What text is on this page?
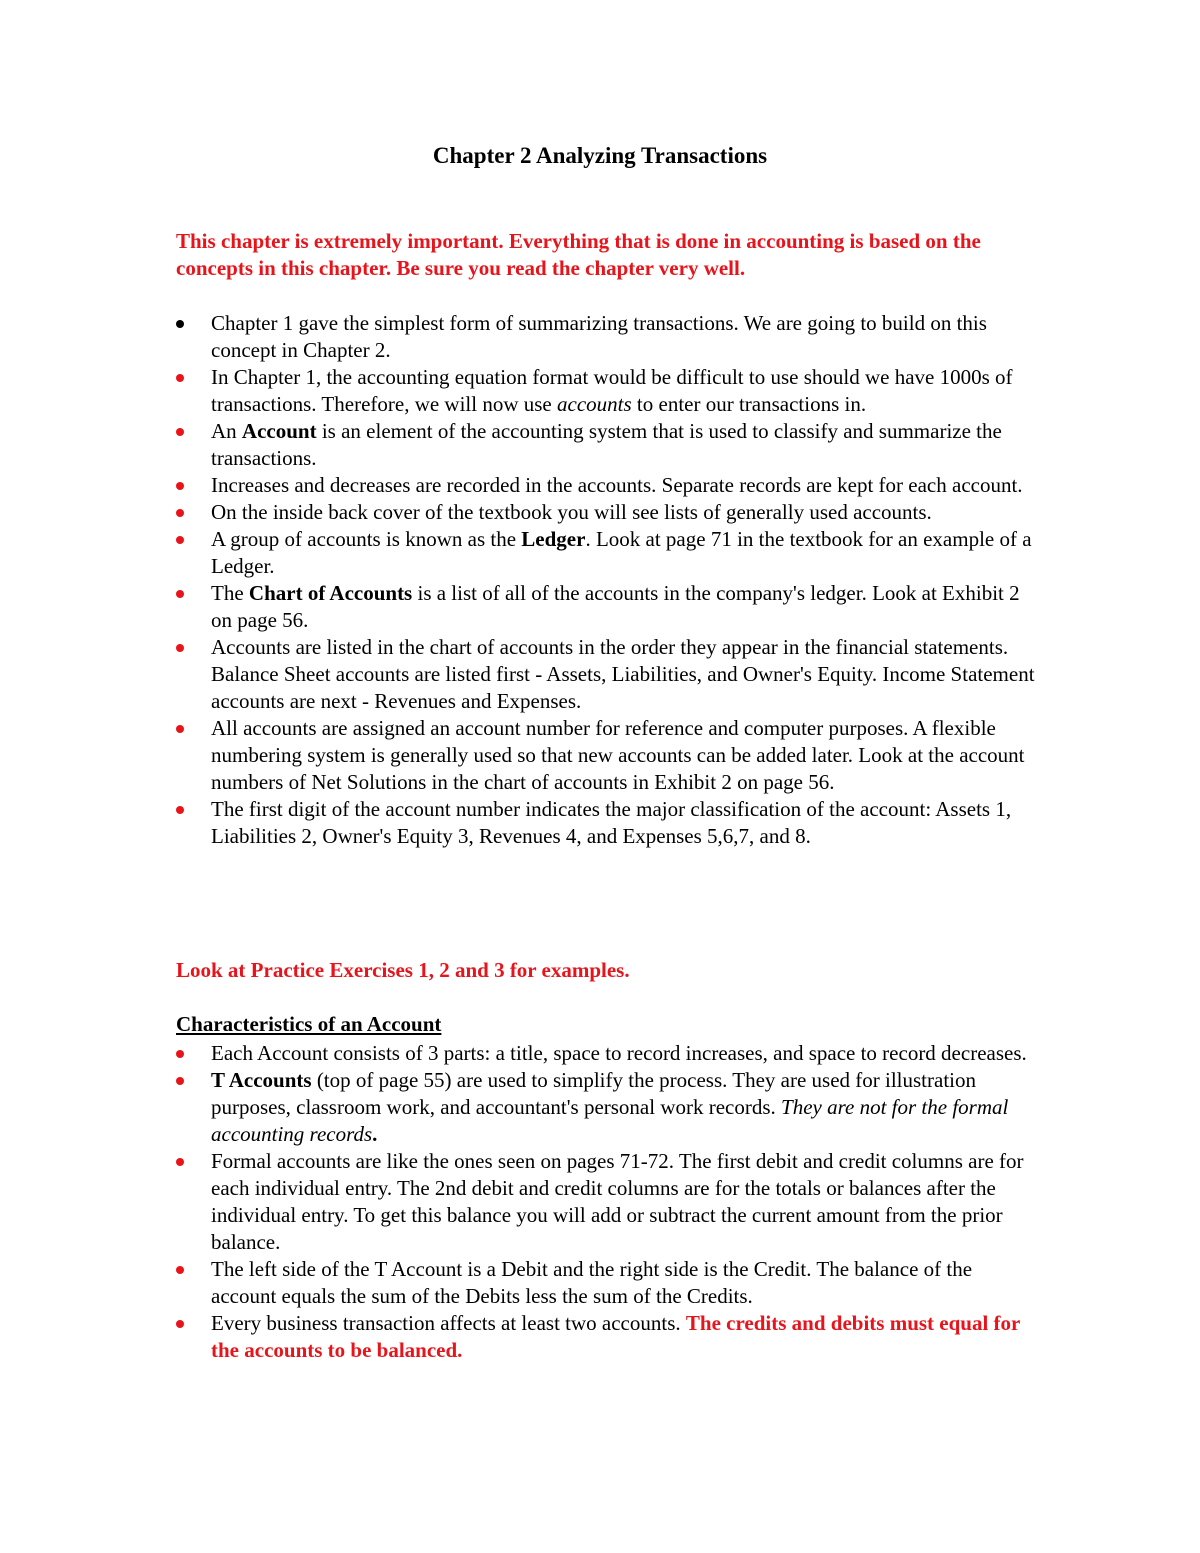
Chapter 2 Analyzing Transactions
This chapter is extremely important. Everything that is done in accounting is based on the concepts in this chapter. Be sure you read the chapter very well.
Chapter 1 gave the simplest form of summarizing transactions. We are going to build on this concept in Chapter 2.
In Chapter 1, the accounting equation format would be difficult to use should we have 1000s of transactions. Therefore, we will now use accounts to enter our transactions in.
An Account is an element of the accounting system that is used to classify and summarize the transactions.
Increases and decreases are recorded in the accounts. Separate records are kept for each account.
On the inside back cover of the textbook you will see lists of generally used accounts.
A group of accounts is known as the Ledger. Look at page 71 in the textbook for an example of a Ledger.
The Chart of Accounts is a list of all of the accounts in the company's ledger. Look at Exhibit 2 on page 56.
Accounts are listed in the chart of accounts in the order they appear in the financial statements. Balance Sheet accounts are listed first - Assets, Liabilities, and Owner's Equity. Income Statement accounts are next - Revenues and Expenses.
All accounts are assigned an account number for reference and computer purposes. A flexible numbering system is generally used so that new accounts can be added later. Look at the account numbers of Net Solutions in the chart of accounts in Exhibit 2 on page 56.
The first digit of the account number indicates the major classification of the account: Assets 1, Liabilities 2, Owner's Equity 3, Revenues 4, and Expenses 5,6,7, and 8.
Look at Practice Exercises 1, 2 and 3 for examples.
Characteristics of an Account
Each Account consists of 3 parts: a title, space to record increases, and space to record decreases.
T Accounts (top of page 55) are used to simplify the process. They are used for illustration purposes, classroom work, and accountant's personal work records. They are not for the formal accounting records.
Formal accounts are like the ones seen on pages 71-72. The first debit and credit columns are for each individual entry. The 2nd debit and credit columns are for the totals or balances after the individual entry. To get this balance you will add or subtract the current amount from the prior balance.
The left side of the T Account is a Debit and the right side is the Credit. The balance of the account equals the sum of the Debits less the sum of the Credits.
Every business transaction affects at least two accounts. The credits and debits must equal for the accounts to be balanced.
